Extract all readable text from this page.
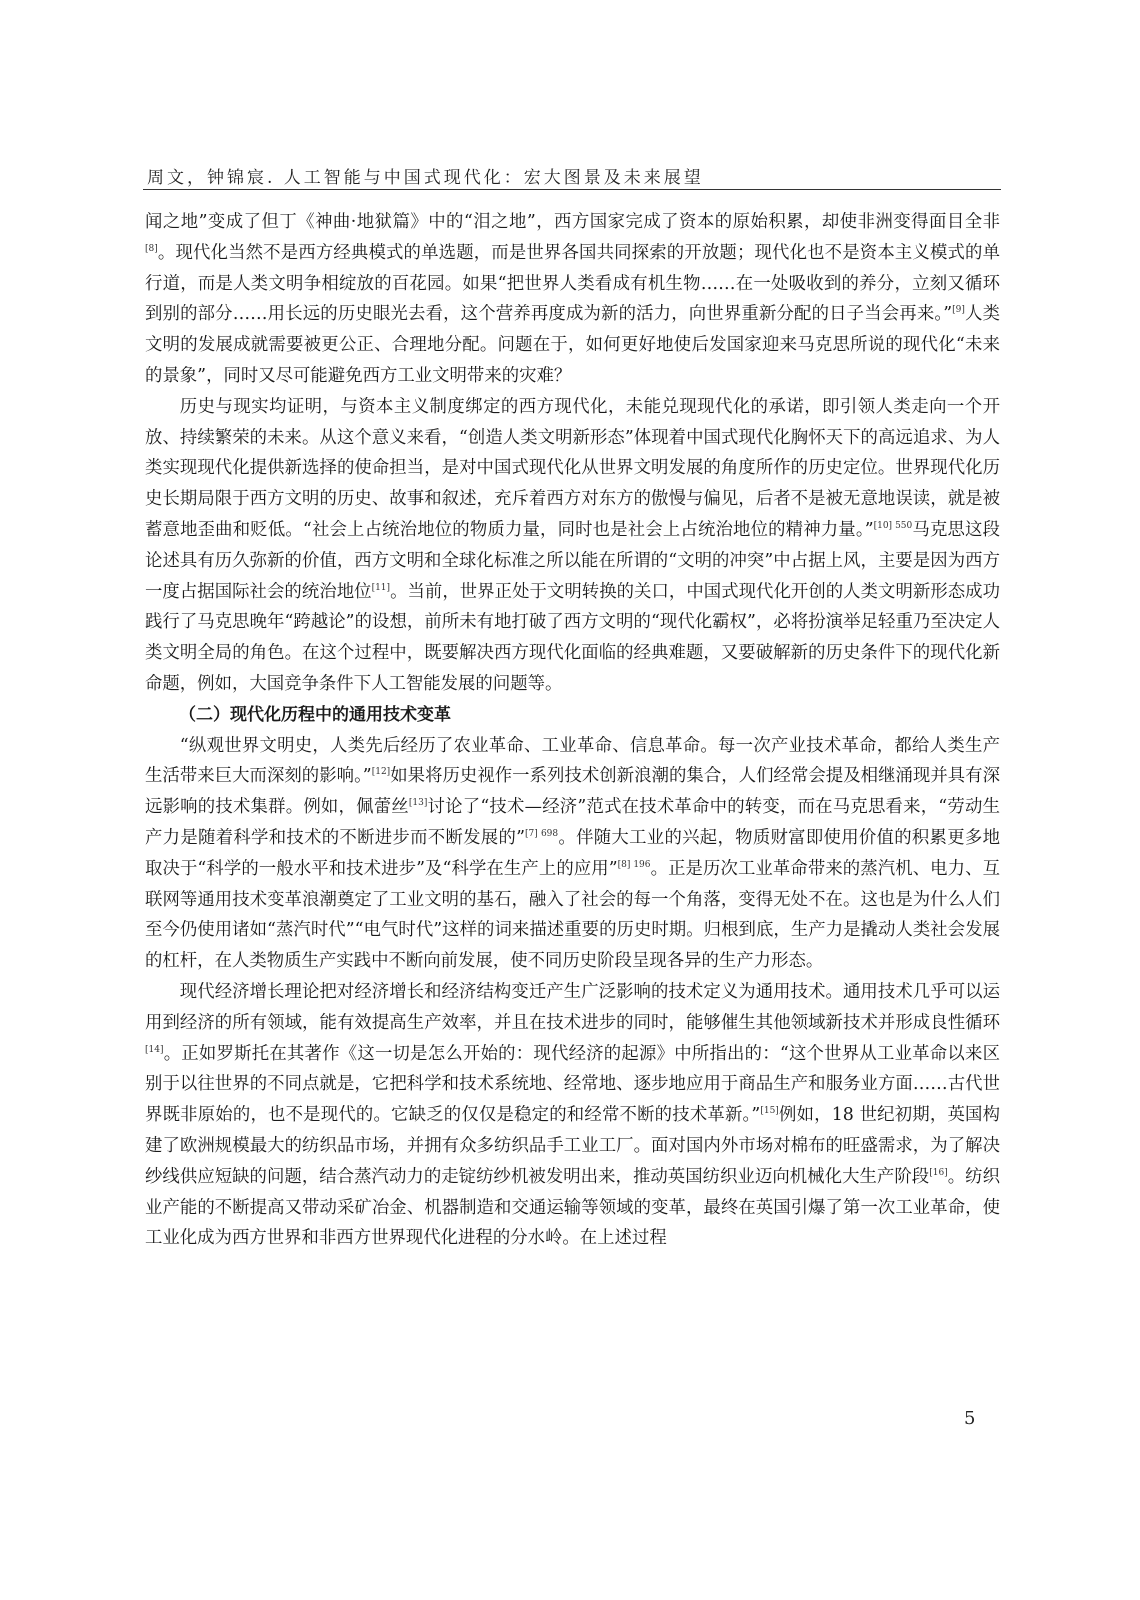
周文，钟锦宸. 人工智能与中国式现代化：宏大图景及未来展望

闻之地”变成了但丁《神曲·地狱篇》中的“泪之地”，西方国家完成了资本的原始积累，却使非洲变得面目全非[8]。现代化当然不是西方经典模式的单选题，而是世界各国共同探索的开放题；现代化也不是资本主义模式的单行道，而是人类文明争相绽放的百花园。如果“把世界人类看成有机生物……在一处吸收到的养分，立刻又循环到别的部分……用长远的历史眼光去看，这个营养再度成为新的活力，向世界重新分配的日子当会再来。”[9]人类文明的发展成就需要被更公正、合理地分配。问题在于，如何更好地使后发国家迎来马克思所说的现代化“未来的景象”，同时又尽可能避免西方工业文明带来的灾难？

历史与现实均证明，与资本主义制度绑定的西方现代化，未能兑现现代化的承诺，即引领人类走向一个开放、持续繁荣的未来。从这个意义来看，“创造人类文明新形态”体现着中国式现代化胸怀天下的高远追求、为人类实现现代化提供新选择的使命担当，是对中国式现代化从世界文明发展的角度所作的历史定位。世界现代化历史长期局限于西方文明的历史、故事和叙述，充斥着西方对东方的傲慢与偏见，后者不是被无意地误读，就是被蓄意地歪曲和贬低。“社会上占统治地位的物质力量，同时也是社会上占统治地位的精神力量。”$^{[10] 550}$马克思这段论述具有历久弥新的价值，西方文明和全球化标准之所以能在所谓的“文明的冲突”中占据上风，主要是因为西方一度占据国际社会的统治地位[11]。当前，世界正处于文明转换的关口，中国式现代化开创的人类文明新形态成功践行了马克思晚年“跨越论”的设想，前所未有地打破了西方文明的“现代化霸权”，必将扮演举足轻重乃至决定人类文明全局的角色。在这个过程中，既要解决西方现代化面临的经典难题，又要破解新的历史条件下的现代化新命题，例如，大国竞争条件下人工智能发展的问题等。

（二）现代化历程中的通用技术变革

“纵观世界文明史，人类先后经历了农业革命、工业革命、信息革命。每一次产业技术革命，都给人类生产生活带来巨大而深刻的影响。”[12]如果将历史视作一系列技术创新浪潮的集合，人们经常会提及相继涌现并具有深远影响的技术集群。例如，佩蕾丝[13]讨论了“技术—经济”范式在技术革命中的转变，而在马克思看来，“劳动生产力是随着科学和技术的不断进步而不断发展的”$^{[7] 698}$。伴随大工业的兴起，物质财富即使用价值的积累更多地取决于“科学的一般水平和技术进步”及“科学在生产上的应用”$^{[8] 196}$。正是历次工业革命带来的蒸汽机、电力、互联网等通用技术变革浪潮奠定了工业文明的基石，融入了社会的每一个角落，变得无处不在。这也是为什么人们至今仍使用诸如“蒸汽时代”“电气时代”这样的词来描述重要的历史时期。归根到底，生产力是撬动人类社会发展的杠杆，在人类物质生产实践中不断向前发展，使不同历史阶段呈现各异的生产力形态。

现代经济增长理论把对经济增长和经济结构变迁产生广泛影响的技术定义为通用技术。通用技术几乎可以运用到经济的所有领域，能有效提高生产效率，并且在技术进步的同时，能够催生其他领域新技术并形成良性循环[14]。正如罗斯托在其著作《这一切是怎么开始的：现代经济的起源》中所指出的：“这个世界从工业革命以来区别于以往世界的不同点就是，它把科学和技术系统地、经常地、逐步地应用于商品生产和服务业方面……古代世界既非原始的，也不是现代的。它缺乏的仅仅是稳定的和经常不断的技术革新。”[15]例如，18 世纪初期，英国构建了欧洲规模最大的纺织品市场，并拥有众多纺织品手工业工厂。面对国内外市场对棉布的旺盛需求，为了解决纱线供应短缺的问题，结合蒸汽动力的走锭纺纱机被发明出来，推动英国纺织业迈向机械化大生产阶段[16]。纺织业产能的不断提高又带动采矿冶金、机器制造和交通运输等领域的变革，最终在英国引爆了第一次工业革命，使工业化成为西方世界和非西方世界现代化进程的分水岭。在上述过程

5
